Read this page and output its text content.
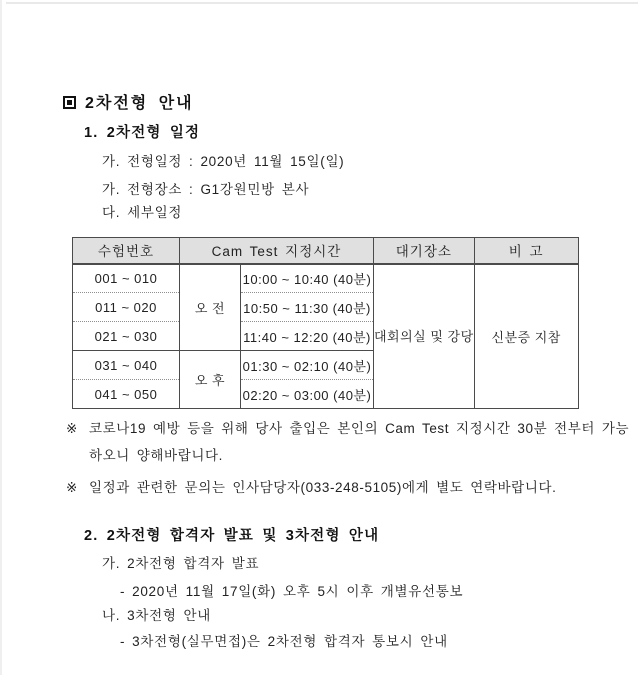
2차전형 안내
1. 2차전형 일정
가. 전형일정 : 2020년 11월 15일(일)
가. 전형장소 : G1강원민방 본사
다. 세부일정
수험번호	Cam Test 지정시간		대기장소	비 고
001 ~ 010	오 전	10:00 ~ 10:40 (40분)	대회의실 및 강당	신분증 지참
011 ~ 020		10:50 ~ 11:30 (40분)		
021 ~ 030		11:40 ~ 12:20 (40분)		
031 ~ 040	오 후	01:30 ~ 02:10 (40분)		
041 ~ 050		02:20 ~ 03:00 (40분)		
※ 코로나19 예방 등을 위해 당사 출입은 본인의 Cam Test 지정시간 30분 전부터 가능
하오니 양해바랍니다.
※ 일정과 관련한 문의는 인사담당자(033-248-5105)에게 별도 연락바랍니다.
2. 2차전형 합격자 발표 및 3차전형 안내
가. 2차전형 합격자 발표
- 2020년 11월 17일(화) 오후 5시 이후 개별유선통보
나. 3차전형 안내
- 3차전형(실무면접)은 2차전형 합격자 통보시 안내
